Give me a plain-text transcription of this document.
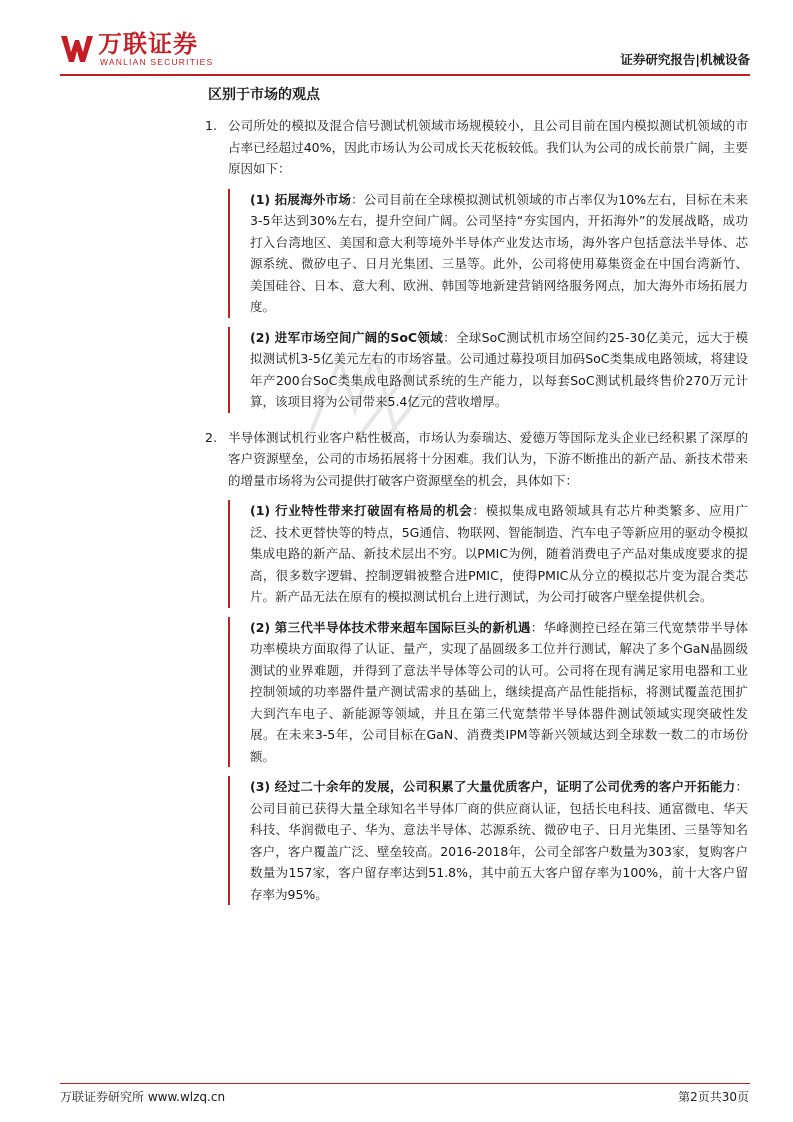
万联证券
WANLIAN SECURITIES	证券研究报告|机械设备
区别于市场的观点
1. 公司所处的模拟及混合信号测试机领域市场规模较小，且公司目前在国内模拟测试机领域的市占率已经超过40%，因此市场认为公司成长天花板较低。我们认为公司的成长前景广阔，主要原因如下：

(1) 拓展海外市场：公司目前在全球模拟测试机领域的市占率仅为10%左右，目标在未来3-5年达到30%左右，提升空间广阔。公司坚持“夯实国内，开拓海外”的发展战略，成功打入台湾地区、美国和意大利等境外半导体产业发达市场，海外客户包括意法半导体、芯源系统、微矽电子、日月光集团、三垦等。此外，公司将使用募集资金在中国台湾新竹、美国硅谷、日本、意大利、欧洲、韩国等地新建营销网络服务网点，加大海外市场拓展力度。

(2) 进军市场空间广阔的SoC领域：全球SoC测试机市场空间约25-30亿美元，远大于模拟测试机3-5亿美元左右的市场容量。公司通过募投项目加码SoC类集成电路领域，将建设年产200台SoC类集成电路测试系统的生产能力，以每套SoC测试机最终售价270万元计算，该项目将为公司带来5.4亿元的营收增厚。

2. 半导体测试机行业客户粘性极高，市场认为泰瑞达、爱德万等国际龙头企业已经积累了深厚的客户资源壁垒，公司的市场拓展将十分困难。我们认为，下游不断推出的新产品、新技术带来的增量市场将为公司提供打破客户资源壁垒的机会，具体如下：

(1) 行业特性带来打破固有格局的机会：模拟集成电路领域具有芯片种类繁多、应用广泛、技术更替快等的特点，5G通信、物联网、智能制造、汽车电子等新应用的驱动令模拟集成电路的新产品、新技术层出不穷。以PMIC为例，随着消费电子产品对集成度要求的提高，很多数字逻辑、控制逻辑被整合进PMIC，使得PMIC从分立的模拟芯片变为混合类芯片。新产品无法在原有的模拟测试机台上进行测试，为公司打破客户壁垒提供机会。

(2) 第三代半导体技术带来超车国际巨头的新机遇：华峰测控已经在第三代宽禁带半导体功率模块方面取得了认证、量产，实现了晶圆级多工位并行测试，解决了多个GaN晶圆级测试的业界难题，并得到了意法半导体等公司的认可。公司将在现有满足家用电器和工业控制领域的功率器件量产测试需求的基础上，继续提高产品性能指标，将测试覆盖范围扩大到汽车电子、新能源等领域，并且在第三代宽禁带半导体器件测试领域实现突破性发展。在未来3-5年，公司目标在GaN、消费类IPM等新兴领域达到全球数一数二的市场份额。

(3) 经过二十余年的发展，公司积累了大量优质客户，证明了公司优秀的客户开拓能力：公司目前已获得大量全球知名半导体厂商的供应商认证，包括长电科技、通富微电、华天科技、华润微电子、华为、意法半导体、芯源系统、微矽电子、日月光集团、三垦等知名客户，客户覆盖广泛、壁垒较高。2016-2018年，公司全部客户数量为303家，复购客户数量为157家，客户留存率达到51.8%，其中前五大客户留存率为100%，前十大客户留存率为95%。

万联证券研究所 www.wlzq.cn	第2页共30页
